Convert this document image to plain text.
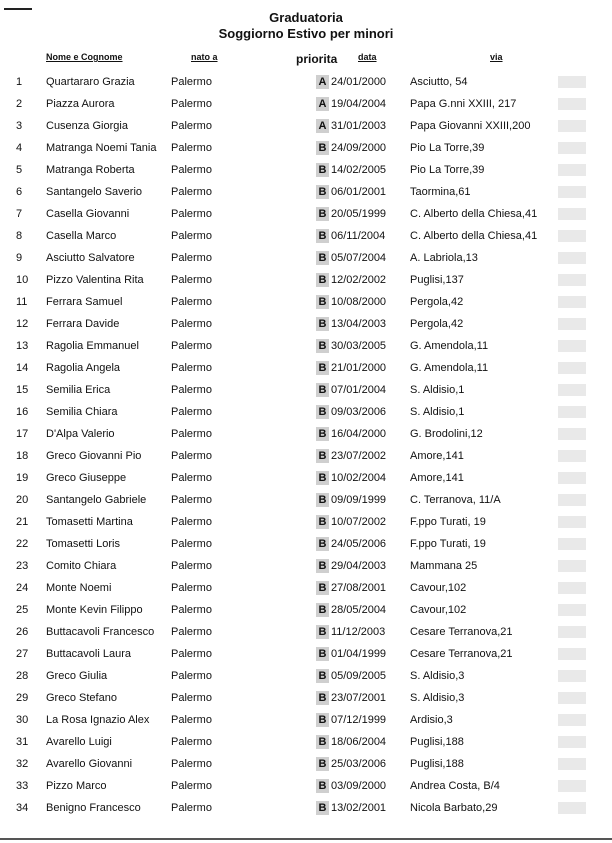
Graduatoria
Soggiorno Estivo per minori
Nome e Cognome	nato a	priorita data	via
1	Quartararo Grazia	Palermo	A 24/01/2000 Asciutto, 54
2	Piazza Aurora	Palermo	A 19/04/2004 Papa G.nni XXIII, 217
3	Cusenza Giorgia	Palermo	A 31/01/2003 Papa Giovanni XXIII,200
4	Matranga Noemi Tania Palermo	B 24/09/2000 Pio La Torre,39
5	Matranga Roberta	Palermo	B 14/02/2005 Pio La Torre,39
6	Santangelo Saverio	Palermo	B 06/01/2001 Taormina,61
7	Casella Giovanni	Palermo	B 20/05/1999 C. Alberto della Chiesa,41
8	Casella Marco	Palermo	B 06/11/2004 C. Alberto della Chiesa,41
9	Asciutto Salvatore	Palermo	B 05/07/2004 A. Labriola,13
10	Pizzo Valentina Rita Palermo	B 12/02/2002 Puglisi,137
11	Ferrara Samuel	Palermo	B 10/08/2000 Pergola,42
12	Ferrara Davide	Palermo	B 13/04/2003 Pergola,42
13	Ragolia Emmanuel	Palermo	B 30/03/2005 G. Amendola,11
14	Ragolia Angela	Palermo	B 21/01/2000 G. Amendola,11
15	Semilia Erica	Palermo	B 07/01/2004 S. Aldisio,1
16	Semilia Chiara	Palermo	B 09/03/2006 S. Aldisio,1
17	D'Alpa Valerio	Palermo	B 16/04/2000 G. Brodolini,12
18	Greco Giovanni Pio	Palermo	B 23/07/2002 Amore,141
19	Greco Giuseppe	Palermo	B 10/02/2004 Amore,141
20	Santangelo Gabriele Palermo	B 09/09/1999 C. Terranova, 11/A
21	Tomasetti Martina	Palermo	B 10/07/2002 F.ppo Turati, 19
22	Tomasetti Loris	Palermo	B 24/05/2006 F.ppo Turati, 19
23	Comito Chiara	Palermo	B 29/04/2003 Mammana 25
24	Monte Noemi	Palermo	B 27/08/2001 Cavour,102
25	Monte Kevin Filippo	Palermo	B 28/05/2004 Cavour,102
26	Buttacavoli Francesco Palermo	B 11/12/2003 Cesare Terranova,21
27	Buttacavoli Laura	Palermo	B 01/04/1999 Cesare Terranova,21
28	Greco Giulia	Palermo	B 05/09/2005 S. Aldisio,3
29	Greco Stefano	Palermo	B 23/07/2001 S. Aldisio,3
30	La Rosa Ignazio Alex Palermo	B 07/12/1999 Ardisio,3
31	Avarello Luigi	Palermo	B 18/06/2004 Puglisi,188
32	Avarello Giovanni	Palermo	B 25/03/2006 Puglisi,188
33	Pizzo Marco	Palermo	B 03/09/2000 Andrea Costa, B/4
34	Benigno Francesco	Palermo	B 13/02/2001 Nicola Barbato,29
